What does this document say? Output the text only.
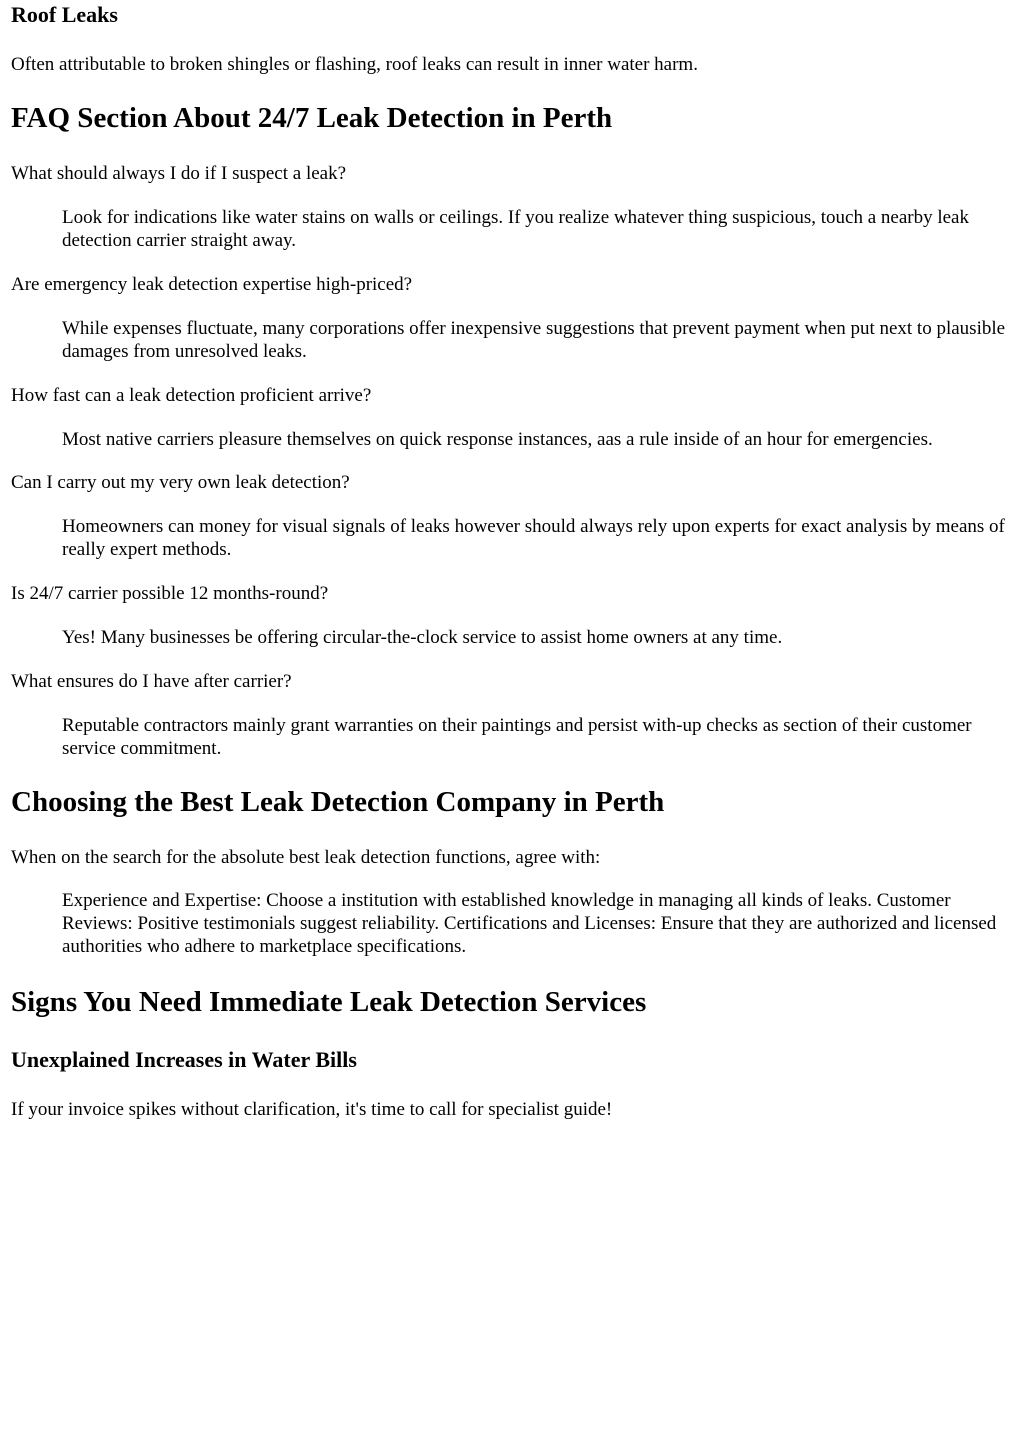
Roof Leaks

Often attributable to broken shingles or flashing, roof leaks can result in inner water harm.

FAQ Section About 24/7 Leak Detection in Perth
What should always I do if I suspect a leak?
Look for indications like water stains on walls or ceilings. If you realize whatever thing suspicious, touch a nearby leak detection carrier straight away.
Are emergency leak detection expertise high-priced?
While expenses fluctuate, many corporations offer inexpensive suggestions that prevent payment when put next to plausible damages from unresolved leaks.
How fast can a leak detection proficient arrive?
Most native carriers pleasure themselves on quick response instances, aas a rule inside of an hour for emergencies.
Can I carry out my very own leak detection?
Homeowners can money for visual signals of leaks however should always rely upon experts for exact analysis by means of really expert methods.
Is 24/7 carrier possible 12 months-round?
Yes! Many businesses be offering circular-the-clock service to assist home owners at any time.
What ensures do I have after carrier?
Reputable contractors mainly grant warranties on their paintings and persist with-up checks as section of their customer service commitment.
Choosing the Best Leak Detection Company in Perth

When on the search for the absolute best leak detection functions, agree with:

Experience and Expertise: Choose a institution with established knowledge in managing all kinds of leaks. Customer Reviews: Positive testimonials suggest reliability. Certifications and Licenses: Ensure that they are authorized and licensed authorities who adhere to marketplace specifications.

Signs You Need Immediate Leak Detection Services
Unexplained Increases in Water Bills

If your invoice spikes without clarification, it's time to call for specialist guide!
